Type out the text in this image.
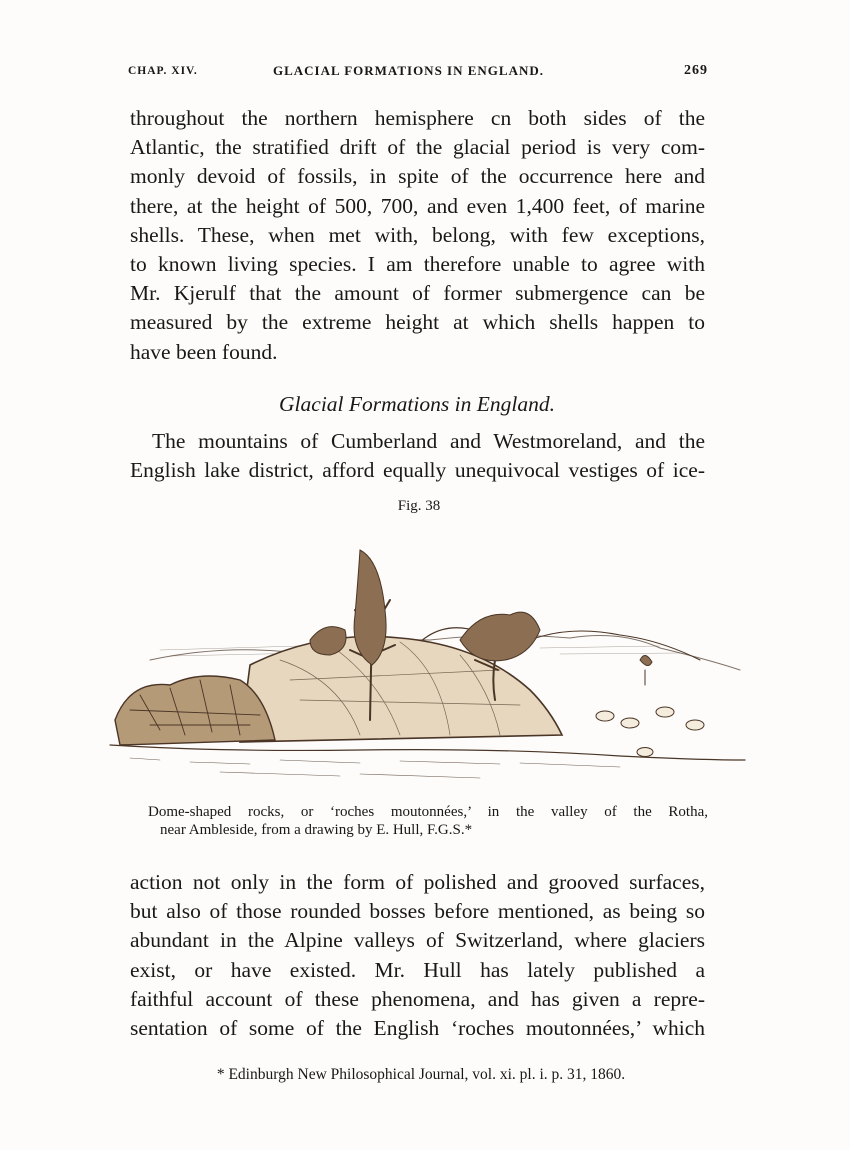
CHAP. XIV.	GLACIAL FORMATIONS IN ENGLAND.	269
throughout the northern hemisphere cn both sides of the
Atlantic, the stratified drift of the glacial period is very com-
monly devoid of fossils, in spite of the occurrence here and
there, at the height of 500, 700, and even 1,400 feet, of marine
shells. These, when met with, belong, with few exceptions,
to known living species. I am therefore unable to agree with
Mr. Kjerulf that the amount of former submergence can be
measured by the extreme height at which shells happen to
have been found.
Glacial Formations in England.
The mountains of Cumberland and Westmoreland, and the
English lake district, afford equally unequivocal vestiges of ice-
Fig. 38
Dome-shaped rocks, or ‘roches moutonnées,’ in the valley of the Rotha,
near Ambleside, from a drawing by E. Hull, F.G.S.*
action not only in the form of polished and grooved surfaces,
but also of those rounded bosses before mentioned, as being so
abundant in the Alpine valleys of Switzerland, where glaciers
exist, or have existed. Mr. Hull has lately published a
faithful account of these phenomena, and has given a repre-
sentation of some of the English ‘roches moutonnées,’ which
* Edinburgh New Philosophical Journal, vol. xi. pl. i. p. 31, 1860.
